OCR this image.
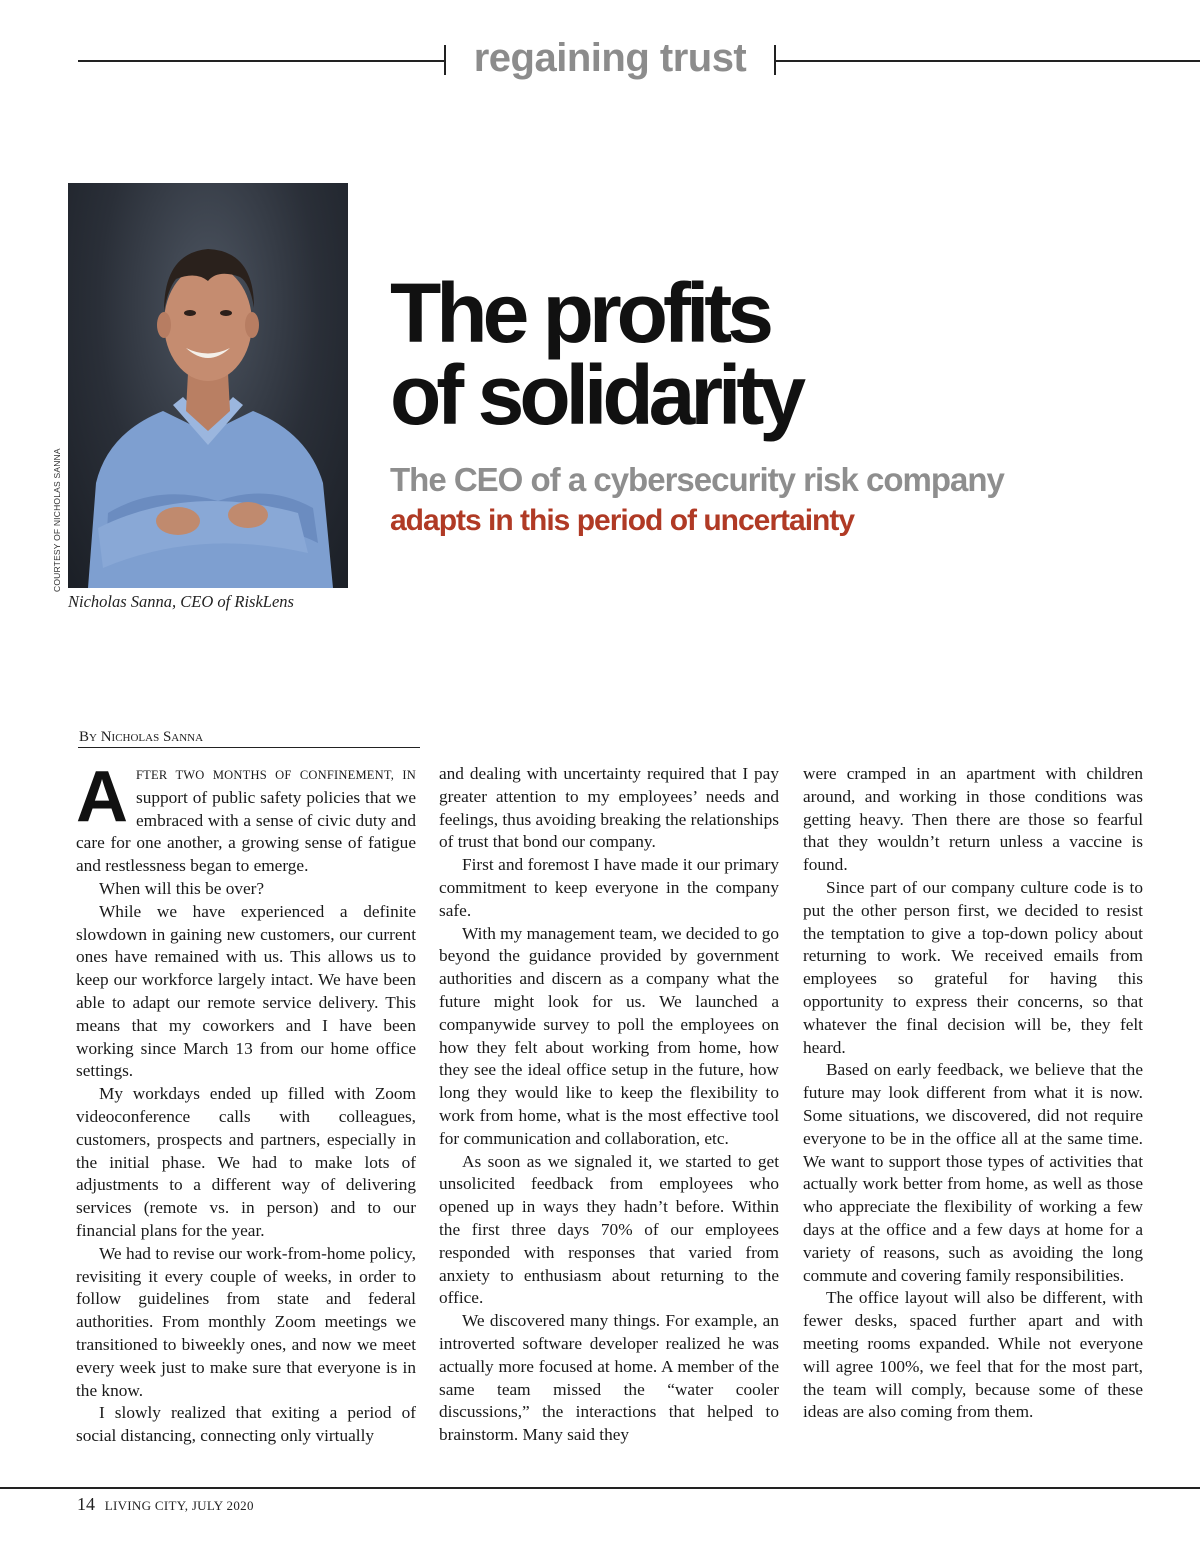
regaining trust
COURTESY OF NICHOLAS SANNA
Nicholas Sanna, CEO of RiskLens
The profits
of solidarity
The CEO of a cybersecurity risk company
adapts in this period of uncertainty
By Nicholas Sanna

AFTER TWO MONTHS OF CONFINEMENT, IN support of public safety policies that we embraced with a sense of civic duty and care for one another, a growing sense of fatigue and restlessness began to emerge.

When will this be over?

While we have experienced a definite slowdown in gaining new customers, our current ones have remained with us. This allows us to keep our workforce largely intact. We have been able to adapt our remote service delivery. This means that my coworkers and I have been working since March 13 from our home office settings.

My workdays ended up filled with Zoom videoconference calls with colleagues, customers, prospects and partners, especially in the initial phase. We had to make lots of adjustments to a different way of delivering services (remote vs. in person) and to our financial plans for the year.

We had to revise our work-from-home policy, revisiting it every couple of weeks, in order to follow guidelines from state and federal authorities. From monthly Zoom meetings we transitioned to biweekly ones, and now we meet every week just to make sure that everyone is in the know.

I slowly realized that exiting a period of social distancing, connecting only virtually

and dealing with uncertainty required that I pay greater attention to my employees’ needs and feelings, thus avoiding breaking the relationships of trust that bond our company.

First and foremost I have made it our primary commitment to keep everyone in the company safe.

With my management team, we decided to go beyond the guidance provided by government authorities and discern as a company what the future might look for us. We launched a companywide survey to poll the employees on how they felt about working from home, how they see the ideal office setup in the future, how long they would like to keep the flexibility to work from home, what is the most effective tool for communication and collaboration, etc.

As soon as we signaled it, we started to get unsolicited feedback from employees who opened up in ways they hadn’t before. Within the first three days 70% of our employees responded with responses that varied from anxiety to enthusiasm about returning to the office.

We discovered many things. For example, an introverted software developer realized he was actually more focused at home. A member of the same team missed the “water cooler discussions,” the interactions that helped to brainstorm. Many said they

were cramped in an apartment with children around, and working in those conditions was getting heavy. Then there are those so fearful that they wouldn’t return unless a vaccine is found.

Since part of our company culture code is to put the other person first, we decided to resist the temptation to give a top-down policy about returning to work. We received emails from employees so grateful for having this opportunity to express their concerns, so that whatever the final decision will be, they felt heard.

Based on early feedback, we believe that the future may look different from what it is now. Some situations, we discovered, did not require everyone to be in the office all at the same time. We want to support those types of activities that actually work better from home, as well as those who appreciate the flexibility of working a few days at the office and a few days at home for a variety of reasons, such as avoiding the long commute and covering family responsibilities.

The office layout will also be different, with fewer desks, spaced further apart and with meeting rooms expanded. While not everyone will agree 100%, we feel that for the most part, the team will comply, because some of these ideas are also coming from them.

14 LIVING CITY, JULY 2020
